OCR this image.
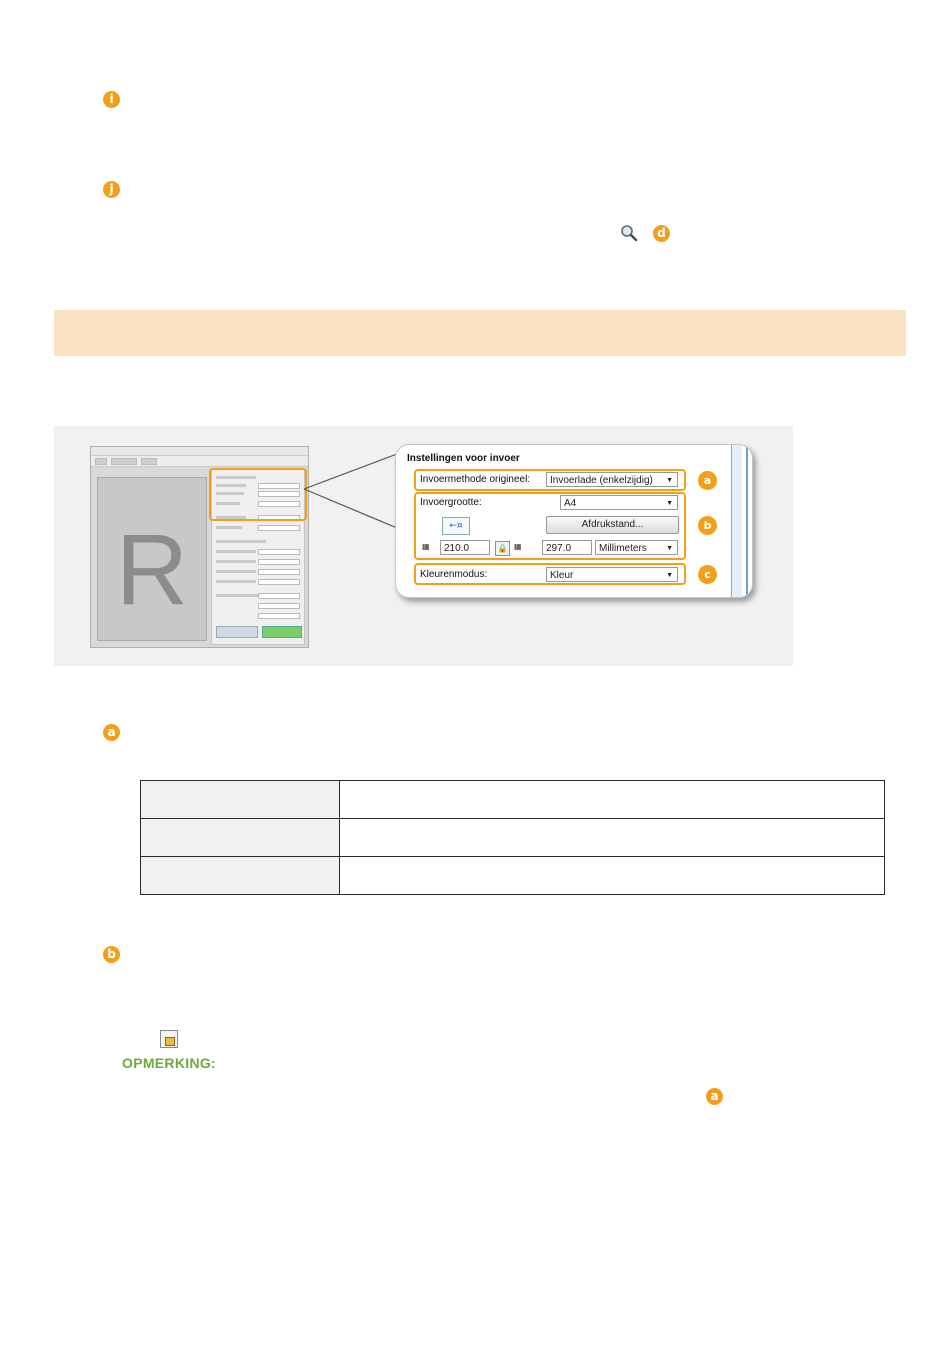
i
j
d
R
Instellingen voor invoer
Invoermethode origineel:	Invoerlade (enkelzijdig) ▼	a
Invoergrootte:	A4	▼
←¤	Afdrukstand...
▦	210.0	🔒 ▦	297.0	Millimeters	▼
b
Kleurenmodus:	Kleur	▼	c
a

b
OPMERKING:
a
